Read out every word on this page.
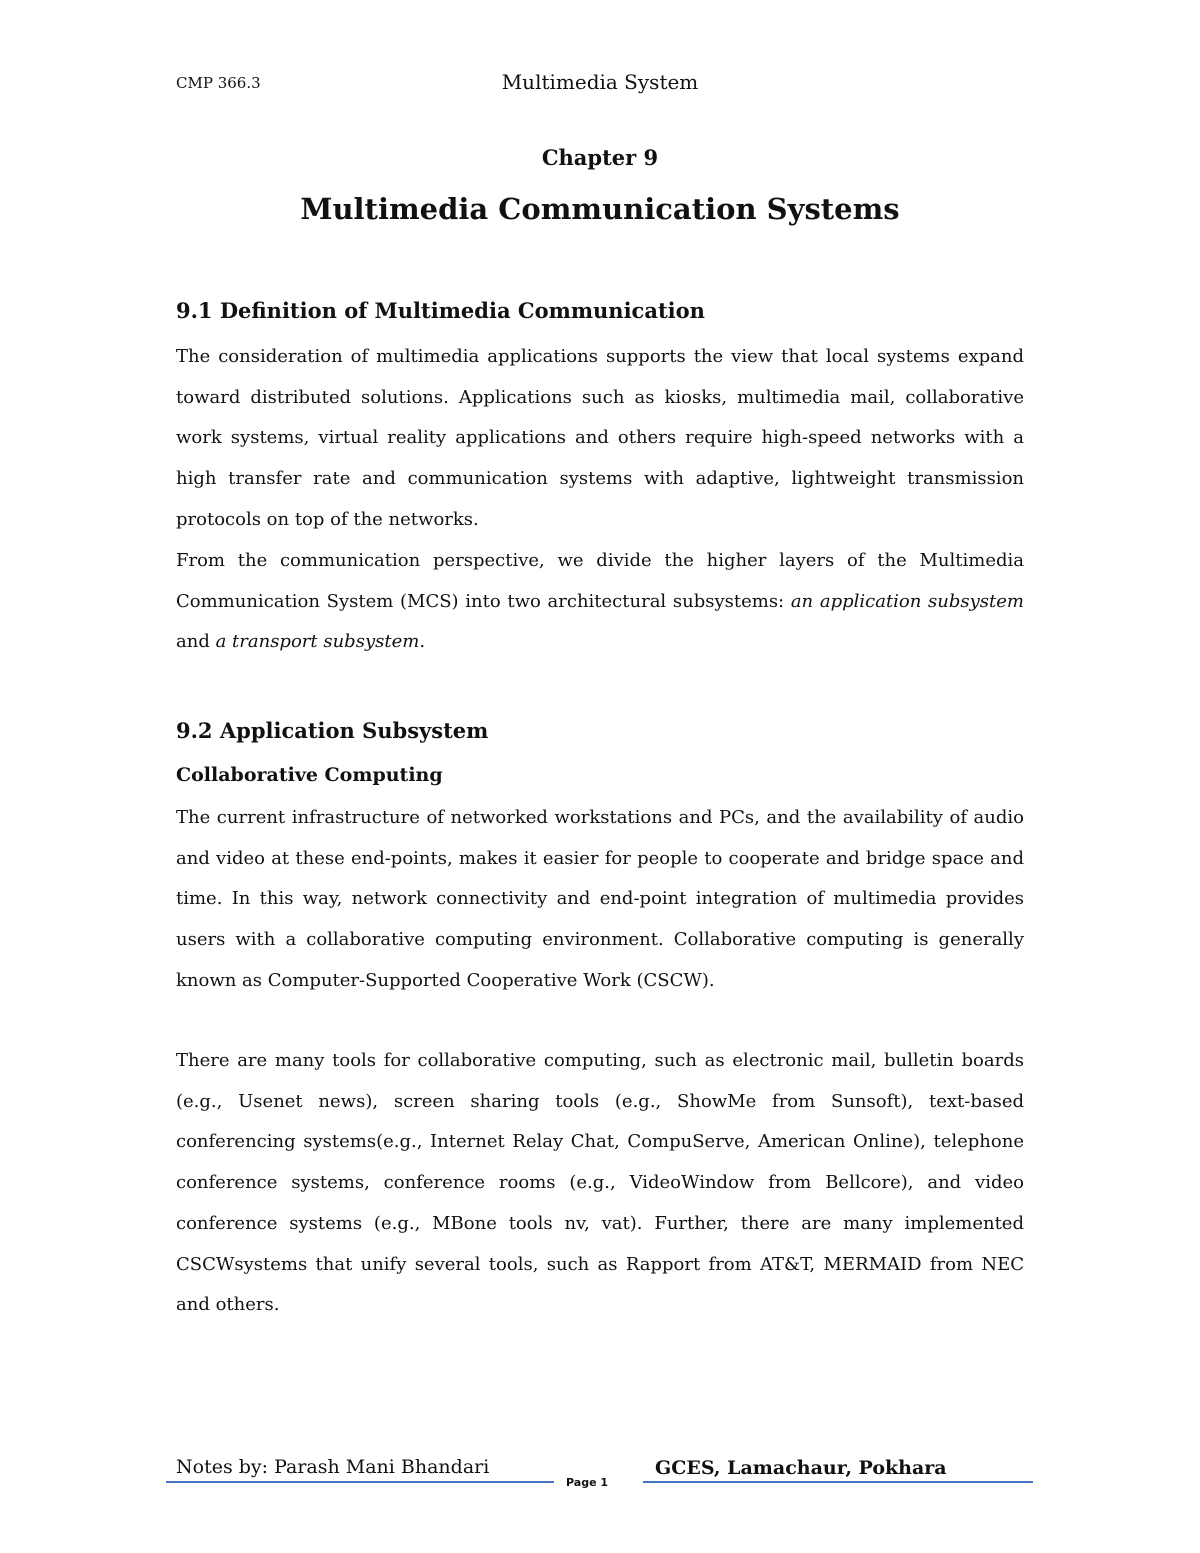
CMP 366.3	Multimedia System
Chapter 9
Multimedia Communication Systems
9.1 Definition of Multimedia Communication
The consideration of multimedia applications supports the view that local systems expand toward distributed solutions. Applications such as kiosks, multimedia mail, collaborative work systems, virtual reality applications and others require high-speed networks with a high transfer rate and communication systems with adaptive, lightweight transmission protocols on top of the networks.
From the communication perspective, we divide the higher layers of the Multimedia Communication System (MCS) into two architectural subsystems: an application subsystem and a transport subsystem.
9.2 Application Subsystem
Collaborative Computing
The current infrastructure of networked workstations and PCs, and the availability of audio and video at these end-points, makes it easier for people to cooperate and bridge space and time. In this way, network connectivity and end-point integration of multimedia provides users with a collaborative computing environment. Collaborative computing is generally known as Computer-Supported Cooperative Work (CSCW).
There are many tools for collaborative computing, such as electronic mail, bulletin boards (e.g., Usenet news), screen sharing tools (e.g., ShowMe from Sunsoft), text-based conferencing systems(e.g., Internet Relay Chat, CompuServe, American Online), telephone conference systems, conference rooms (e.g., VideoWindow from Bellcore), and video conference systems (e.g., MBone tools nv, vat). Further, there are many implemented CSCWsystems that unify several tools, such as Rapport from AT&T, MERMAID from NEC and others.
Notes by: Parash Mani Bhandari
Page 1
GCES, Lamachaur, Pokhara
